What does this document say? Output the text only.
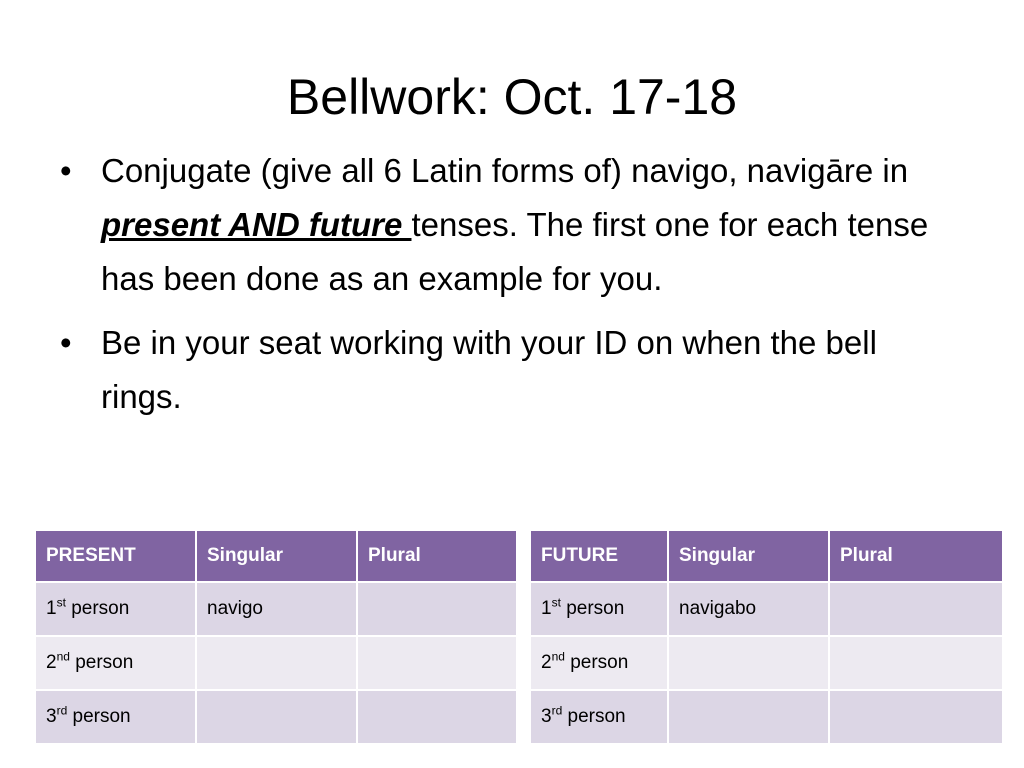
Bellwork: Oct. 17-18
• Conjugate (give all 6 Latin forms of) navigo, navigāre in present AND future tenses. The first one for each tense has been done as an example for you.
• Be in your seat working with your ID on when the bell rings.
PRESENT	Singular	Plural
1st person	navigo	
2nd person		
3rd person		
FUTURE	Singular	Plural
1st person	navigabo	
2nd person		
3rd person		
